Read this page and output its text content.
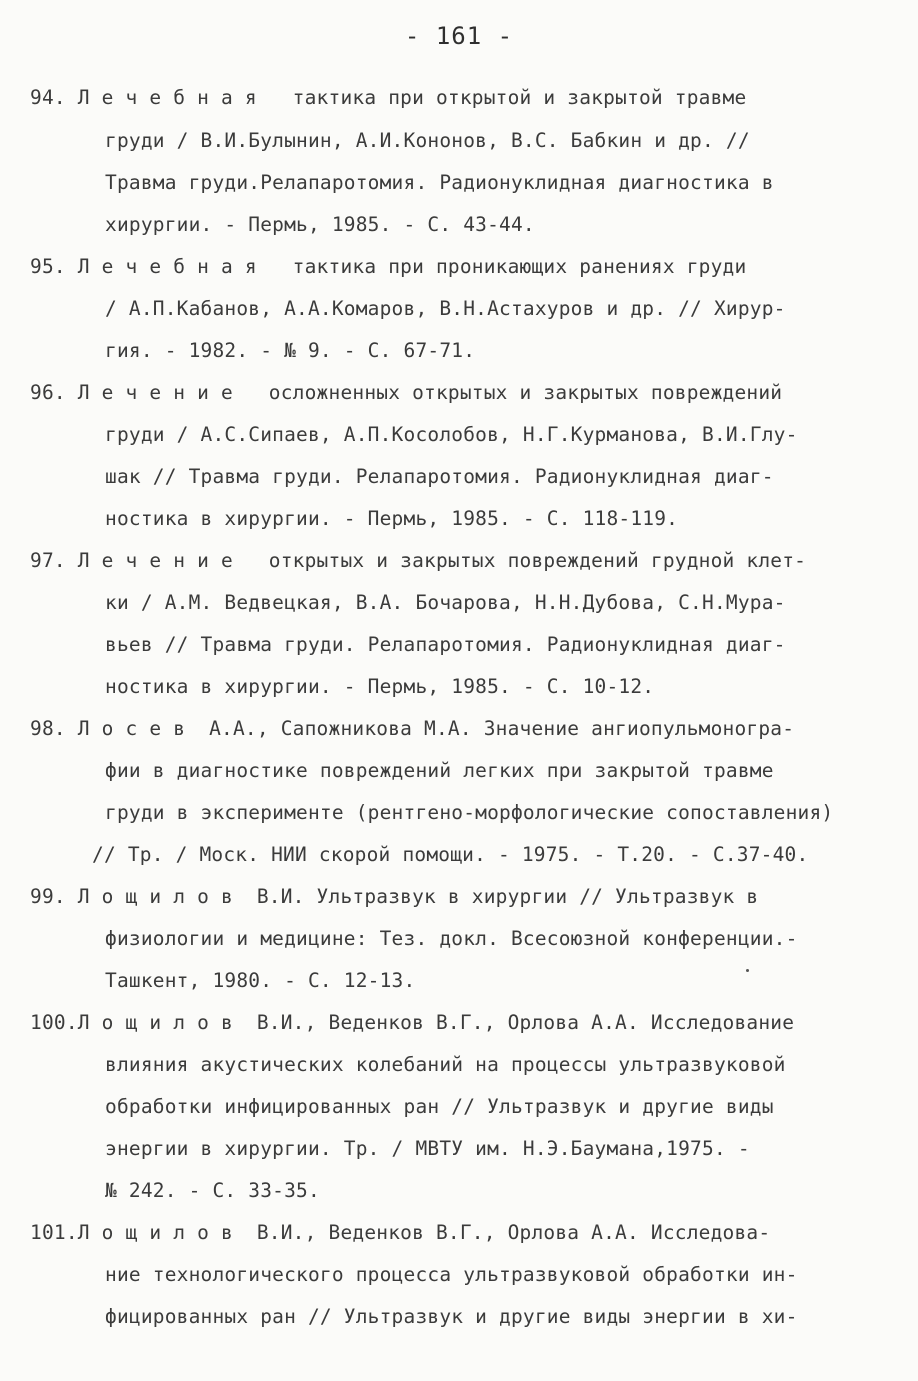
- 161 -
94. Л е ч е б н а я   тактика при открытой и закрытой травме
груди / В.И.Булынин, А.И.Кононов, В.С. Бабкин и др. //
Травма груди.Релапаротомия. Радионуклидная диагностика в
хирургии. - Пермь, 1985. - С. 43-44.
95. Л е ч е б н а я   тактика при проникающих ранениях груди
/ А.П.Кабанов, А.А.Комаров, В.Н.Астахуров и др. // Хирур-
гия. - 1982. - № 9. - С. 67-71.
96. Л е ч е н и е   осложненных открытых и закрытых повреждений
груди / А.С.Сипаев, А.П.Косолобов, Н.Г.Курманова, В.И.Глу-
шак // Травма груди. Релапаротомия. Радионуклидная диаг-
ностика в хирургии. - Пермь, 1985. - С. 118-119.
97. Л е ч е н и е   открытых и закрытых повреждений грудной клет-
ки / А.М. Ведвецкая, В.А. Бочарова, Н.Н.Дубова, С.Н.Мура-
вьев // Травма груди. Релапаротомия. Радионуклидная диаг-
ностика в хирургии. - Пермь, 1985. - С. 10-12.
98. Л о с е в  А.А., Сапожникова М.А. Значение ангиопульмоногра-
фии в диагностике повреждений легких при закрытой травме
груди в эксперименте (рентгено-морфологические сопоставления)
// Тр. / Моск. НИИ скорой помощи. - 1975. - Т.20. - С.37-40.
99. Л о щ и л о в  В.И. Ультразвук в хирургии // Ультразвук в
физиологии и медицине: Тез. докл. Всесоюзной конференции.-
Ташкент, 1980. - С. 12-13.
100.Л о щ и л о в  В.И., Веденков В.Г., Орлова А.А. Исследование
влияния акустических колебаний на процессы ультразвуковой
обработки инфицированных ран // Ультразвук и другие виды
энергии в хирургии. Тр. / МВТУ им. Н.Э.Баумана,1975. -
№ 242. - С. 33-35.
101.Л о щ и л о в  В.И., Веденков В.Г., Орлова А.А. Исследова-
ние технологического процесса ультразвуковой обработки ин-
фицированных ран // Ультразвук и другие виды энергии в хи-
